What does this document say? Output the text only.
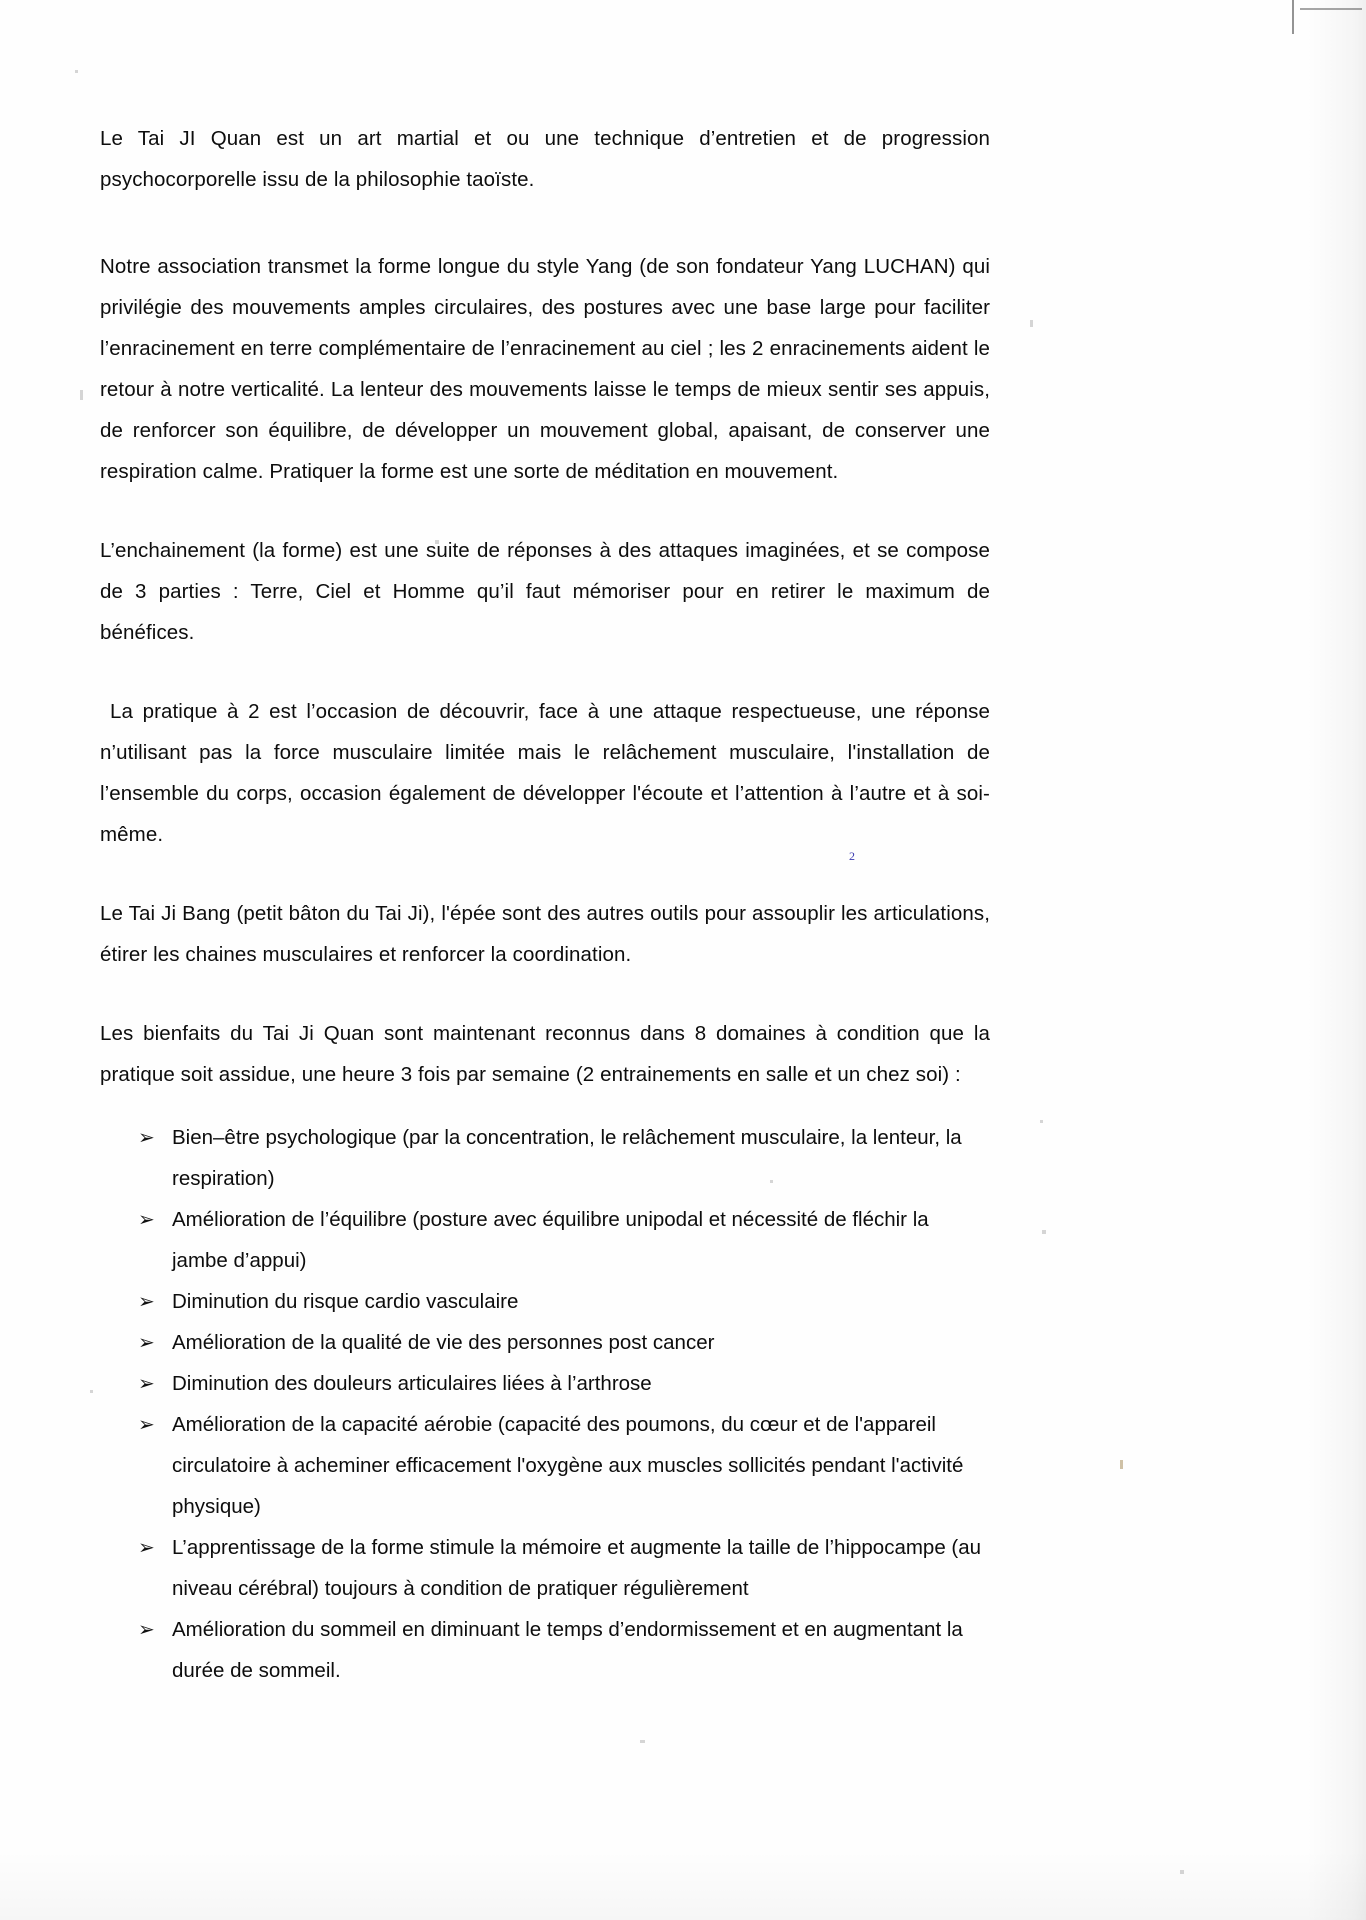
Le Tai JI Quan est un art martial et ou une technique d’entretien et de progression psychocorporelle issu de la philosophie taoïste.

Notre association transmet la forme longue du style Yang (de son fondateur Yang LUCHAN) qui privilégie des mouvements amples circulaires, des postures avec une base large pour faciliter l’enracinement en terre complémentaire de l’enracinement au ciel ; les 2 enracinements aident le retour à notre verticalité. La lenteur des mouvements laisse le temps de mieux sentir ses appuis, de renforcer son équilibre, de développer un mouvement global, apaisant, de conserver une respiration calme. Pratiquer la forme est une sorte de méditation en mouvement.

L’enchainement (la forme) est une suite de réponses à des attaques imaginées, et se compose de 3 parties : Terre, Ciel et Homme qu’il faut mémoriser pour en retirer le maximum de bénéfices.

La pratique à 2 est l’occasion de découvrir, face à une attaque respectueuse, une réponse n’utilisant pas la force musculaire limitée mais le relâchement musculaire, l'installation de l’ensemble du corps, occasion également de développer l'écoute et l’attention à l’autre et à soi-même.

Le Tai Ji Bang (petit bâton du Tai Ji), l'épée sont des autres outils pour assouplir les articulations, étirer les chaines musculaires et renforcer la coordination.

Les bienfaits du Tai Ji Quan sont maintenant reconnus dans 8 domaines à condition que la pratique soit assidue, une heure 3 fois par semaine (2 entrainements en salle et un chez soi) :

➢ Bien–être psychologique (par la concentration, le relâchement musculaire, la lenteur, la respiration)
➢ Amélioration de l’équilibre (posture avec équilibre unipodal et nécessité de fléchir la jambe d’appui)
➢ Diminution du risque cardio vasculaire
➢ Amélioration de la qualité de vie des personnes post cancer
➢ Diminution des douleurs articulaires liées à l’arthrose
➢ Amélioration de la capacité aérobie (capacité des poumons, du cœur et de l'appareil circulatoire à acheminer efficacement l'oxygène aux muscles sollicités pendant l'activité physique)
➢ L’apprentissage de la forme stimule la mémoire et augmente la taille de l’hippocampe (au niveau cérébral) toujours à condition de pratiquer régulièrement
➢ Amélioration du sommeil en diminuant le temps d’endormissement et en augmentant la durée de sommeil.
2
